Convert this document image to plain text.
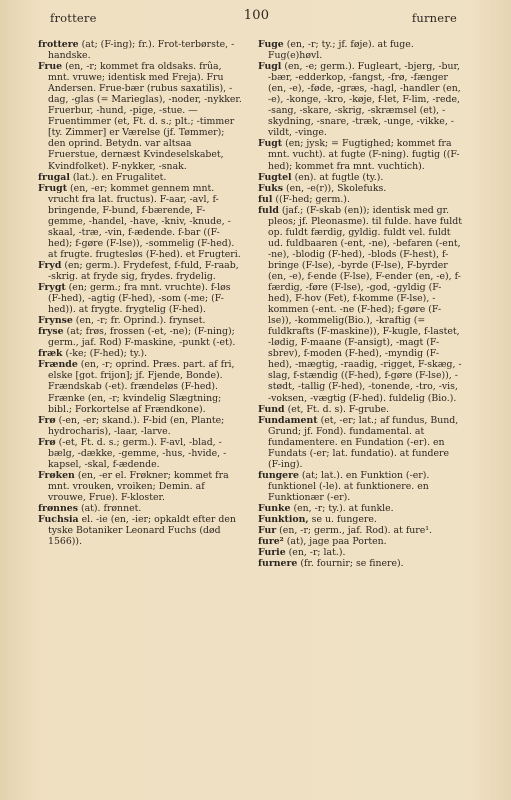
frottere	100	furnere
frottere (at; (F-ing); fr.). Frot-terbørste, -handske.
Frue (en, -r; kommet fra oldsaks. frûa, mnt. vruwe; identisk med Freja). Fru Andersen. Frue-bær (rubus saxatilis), -dag, -glas (= Marieglas), -noder, -nykker. Fruerbur, -hund, -pige, -stue. — Fruentimmer (et, Ft. d. s.; plt.; -timmer [ty. Zimmer] er Værelse (jf. Tømmer); den oprind. Betydn. var altsaa Fruerstue, dernæst Kvindeselskabet, Kvindfolket). F-nykker, -snak.
frugal (lat.). en Frugalitet.
Frugt (en, -er; kommet gennem mnt. vrucht fra lat. fructus). F-aar, -avl, f-bringende, F-bund, f-bærende, F-gemme, -handel, -have, -kniv, -knude, -skaal, -træ, -vin, f-ædende. f-bar ((F-hed); f-gøre (F-lse)), -sommelig (F-hed). at frugte. frugtesløs (F-hed). et Frugteri.
Fryd (en; germ.). Frydefest, f-fuld, F-raab, -skrig. at fryde sig, frydes. frydelig.
Frygt (en; germ.; fra mnt. vruchte). f-løs (F-hed), -agtig (F-hed), -som (-me; (F-hed)). at frygte. frygtelig (F-hed).
Frynse (en, -r; fr. Oprind.). frynset.
fryse (at; frøs, frossen (-et, -ne); (F-ning); germ., jaf. Rod) F-maskine, -punkt (-et).
fræk (-ke; (F-hed); ty.).
Frænde (en, -r; oprind. Præs. part. af fri, elske [got. frijon]; jf. Fjende, Bonde). Frændskab (-et). frændeløs (F-hed). Frænke (en, -r; kvindelig Slægtning; bibl.; Forkortelse af Frændkone).
Frø (-en, -er; skand.). F-bid (en, Plante; hydrocharis), -laar, -larve.
Frø (-et, Ft. d. s.; germ.). F-avl, -blad, -bælg, -dække, -gemme, -hus, -hvide, -kapsel, -skal, f-ædende.
Frøken (en, -er el. Frøkner; kommet fra mnt. vrouken, vroiken; Demin. af vrouwe, Frue). F-kloster.
frønnes (at). frønnet.
Fuchsia el. -ie (en, -ier; opkaldt efter den tyske Botaniker Leonard Fuchs (død 1566)).
Fuge (en, -r; ty.; jf. føje). at fuge. Fug(e)høvl.
Fugl (en, -e; germ.). Fugleart, -bjerg, -bur, -bær, -edderkop, -fangst, -frø, -fænger (en, -e), -føde, -græs, -hagl, -handler (en, -e), -konge, -kro, -køje, f-let, F-lim, -rede, -sang, -skare, -skrig, -skræmsel (et), -skydning, -snare, -træk, -unge, -vikke, -vildt, -vinge.
Fugt (en; jysk; = Fugtighed; kommet fra mnt. vucht). at fugte (F-ning). fugtig ((F-hed); kommet fra mnt. vuchtich).
Fugtel (en). at fugtle (ty.).
Fuks (en, -e(r)), Skolefuks.
ful ((F-hed; germ.).
fuld (jaf.; (F-skab (en)); identisk med gr. pleos; jf. Pleonasme). til fulde. have fuldt op. fuldt færdig, gyldig. fuldt vel. fuldt ud. fuldbaaren (-ent, -ne), -befaren (-ent, -ne), -blodig (F-hed), -blods (F-hest), f-bringe (F-lse), -byrde (F-lse), F-byrder (en, -e), f-ende (F-lse), F-ender (en, -e), f-færdig, -føre (F-lse), -god, -gyldig (F-hed), F-hov (Fet), f-komme (F-lse), -kommen (-ent. -ne (F-hed); f-gøre (F-lse)), -kommelig(Bio.), -kraftig (= fuldkrafts (F-maskine)), F-kugle, f-lastet, -lødig, F-maane (F-ansigt), -magt (F-sbrev), f-moden (F-hed), -myndig (F-hed), -mægtig, -raadig, -rigget, F-skæg, -slag, f-stændig ((F-hed), f-gøre (F-lse)), -stødt, -tallig (F-hed), -tonende, -tro, -vis, -voksen, -vægtig (F-hed). fuldelig (Bio.).
Fund (et, Ft. d. s). F-grube.
Fundament (et, -er; lat.; af fundus, Bund, Grund; jf. Fond). fundamental. at fundamentere. en Fundation (-er). en Fundats (-er; lat. fundatio). at fundere (F-ing).
fungere (at; lat.). en Funktion (-er). funktionel (-le). at funktionere. en Funktionær (-er).
Funke (en, -r; ty.). at funkle.
Funktion, se u. fungere.
Fur (en, -r; germ., jaf. Rod). at fure¹.
fure² (at), jage paa Porten.
Furie (en, -r; lat.).
furnere (fr. fournir; se finere).
